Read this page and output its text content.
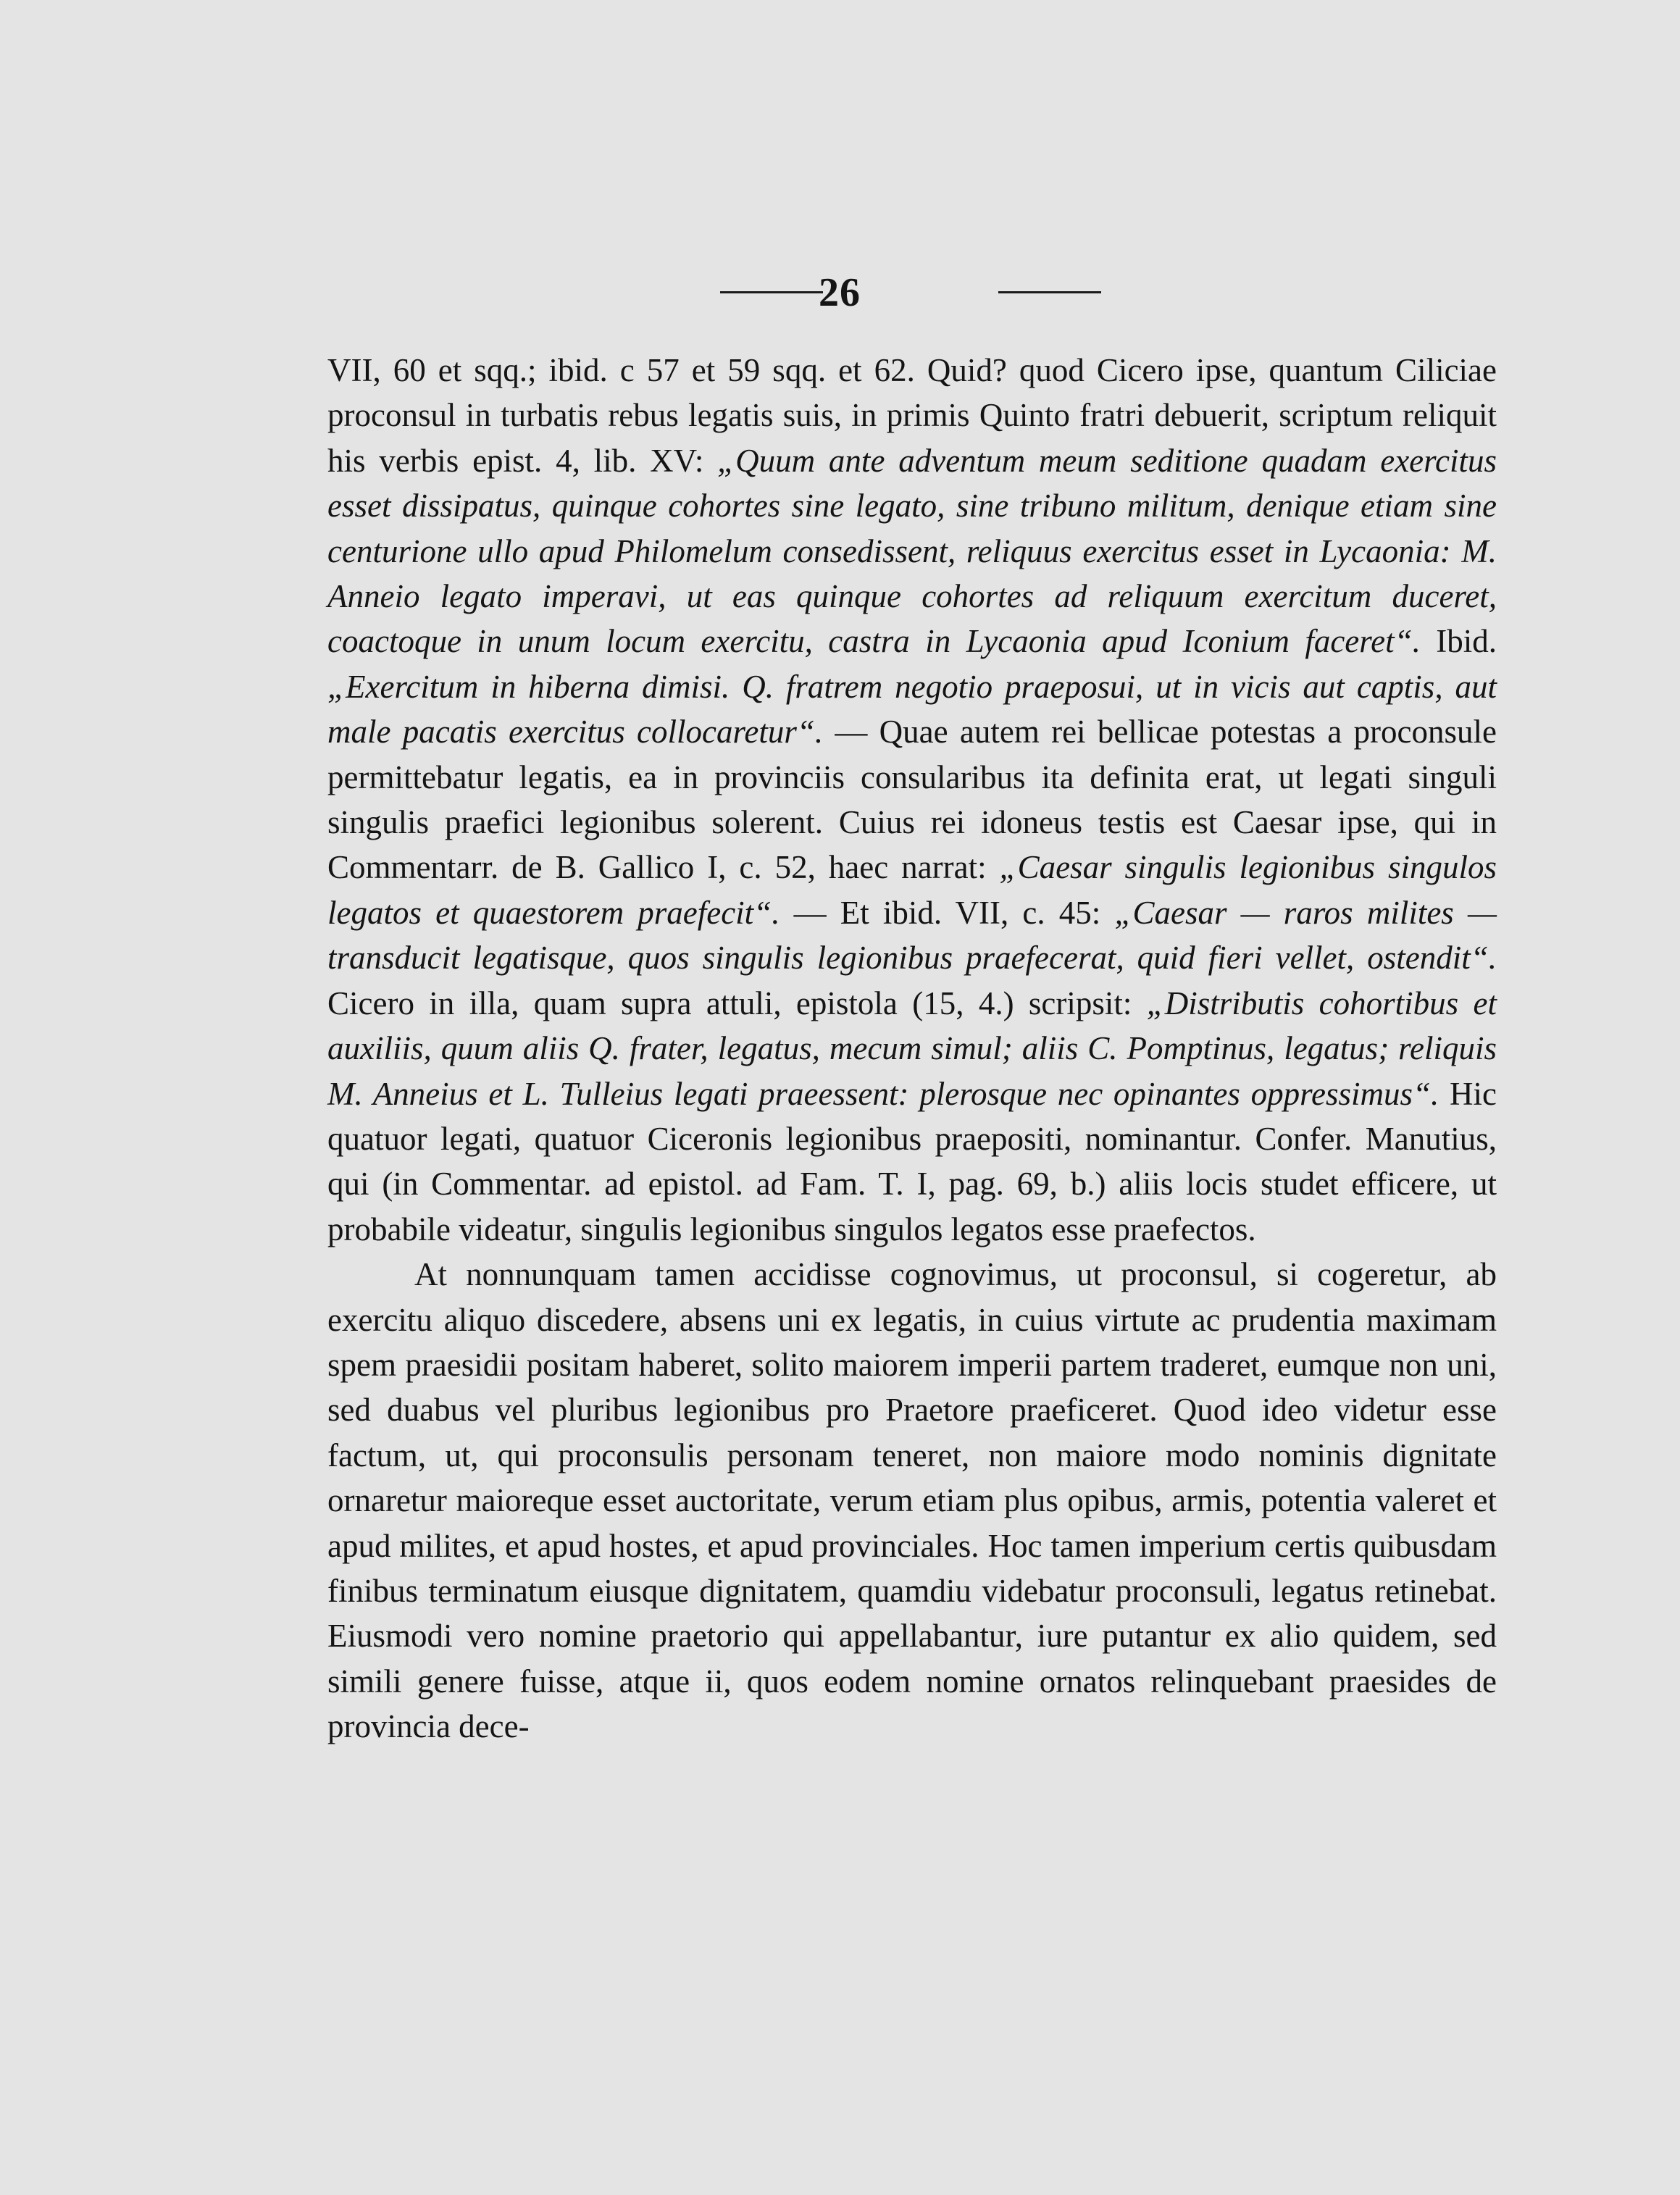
26

VII, 60 et sqq.; ibid. c 57 et 59 sqq. et 62. Quid? quod Cicero ipse, quantum Ciliciae proconsul in turbatis rebus legatis suis, in primis Quinto fratri debuerit, scriptum reliquit his verbis epist. 4, lib. XV: „Quum ante adventum meum seditione quadam exercitus esset dissipatus, quinque cohortes sine legato, sine tribuno militum, denique etiam sine centurione ullo apud Philomelum consedissent, reliquus exercitus esset in Lycaonia: M. Anneio legato imperavi, ut eas quinque cohortes ad reliquum exercitum duceret, coactoque in unum locum exercitu, castra in Lycaonia apud Iconium faceret“. Ibid. „Exercitum in hiberna dimisi. Q. fratrem negotio praeposui, ut in vicis aut captis, aut male pacatis exercitus collocaretur“. — Quae autem rei bellicae potestas a proconsule permittebatur legatis, ea in provinciis consularibus ita definita erat, ut legati singuli singulis praefici legionibus solerent. Cuius rei idoneus testis est Caesar ipse, qui in Commentarr. de B. Gallico I, c. 52, haec narrat: „Caesar singulis legionibus singulos legatos et quaestorem praefecit“. — Et ibid. VII, c. 45: „Caesar — raros milites — transducit legatisque, quos singulis legionibus praefecerat, quid fieri vellet, ostendit“. Cicero in illa, quam supra attuli, epistola (15, 4.) scripsit: „Distributis cohortibus et auxiliis, quum aliis Q. frater, legatus, mecum simul; aliis C. Pomptinus, legatus; reliquis M. Anneius et L. Tulleius legati praeessent: plerosque nec opinantes oppressimus“. Hic quatuor legati, quatuor Ciceronis legionibus praepositi, nominantur. Confer. Manutius, qui (in Commentar. ad epistol. ad Fam. T. I, pag. 69, b.) aliis locis studet efficere, ut probabile videatur, singulis legionibus singulos legatos esse praefectos.

At nonnunquam tamen accidisse cognovimus, ut proconsul, si cogeretur, ab exercitu aliquo discedere, absens uni ex legatis, in cuius virtute ac prudentia maximam spem praesidii positam haberet, solito maiorem imperii partem traderet, eumque non uni, sed duabus vel pluribus legionibus pro Praetore praeficeret. Quod ideo videtur esse factum, ut, qui proconsulis personam teneret, non maiore modo nominis dignitate ornaretur maioreque esset auctoritate, verum etiam plus opibus, armis, potentia valeret et apud milites, et apud hostes, et apud provinciales. Hoc tamen imperium certis quibusdam finibus terminatum eiusque dignitatem, quamdiu videbatur proconsuli, legatus retinebat. Eiusmodi vero nomine praetorio qui appellabantur, iure putantur ex alio quidem, sed simili genere fuisse, atque ii, quos eodem nomine ornatos relinquebant praesides de provincia dece-
